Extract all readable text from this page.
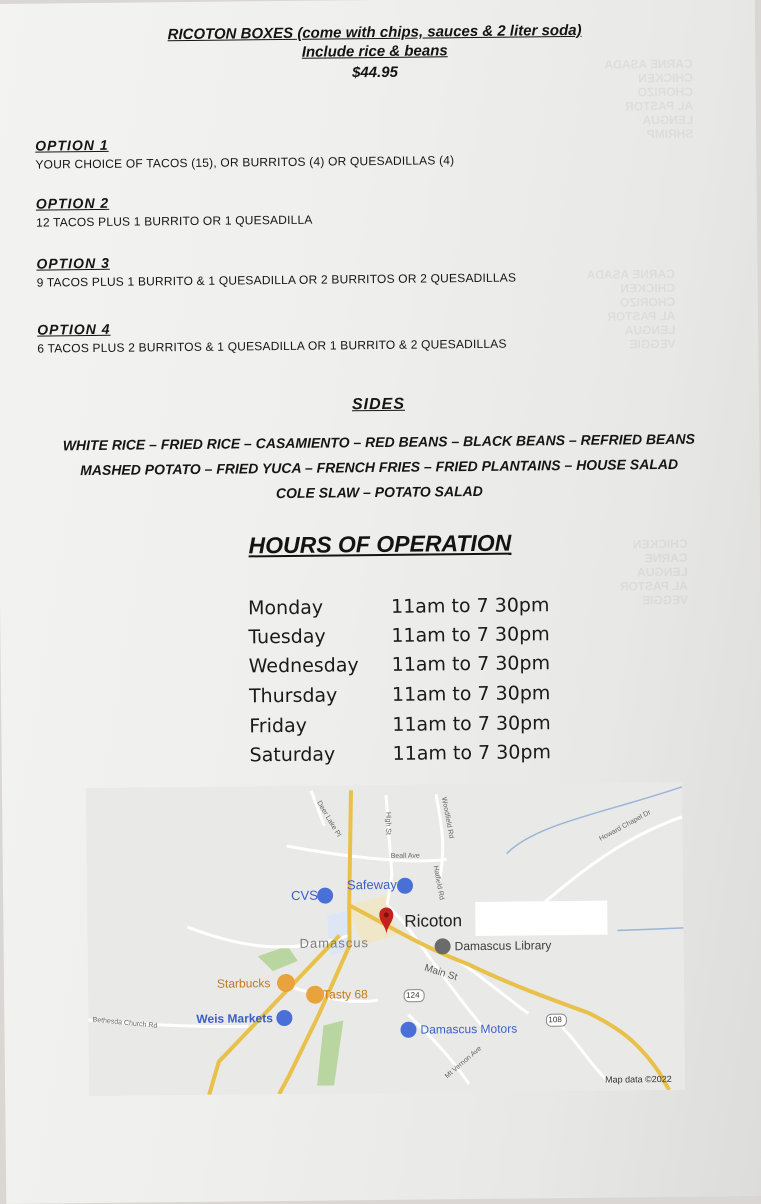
CARNE ASADA
CHICKEN
CHORIZO
AL PASTOR
LENGUA
SHRIMP
CARNE ASADA
CHICKEN
CHORIZO
AL PASTOR
LENGUA
VEGGIE
CHICKEN
CARNE
LENGUA
AL PASTOR
VEGGIE
RICOTON BOXES (come with chips, sauces & 2 liter soda)
Include rice & beans
$44.95
OPTION 1
YOUR CHOICE OF TACOS (15), OR BURRITOS (4) OR QUESADILLAS (4)
OPTION 2
12 TACOS PLUS 1 BURRITO OR 1 QUESADILLA
OPTION 3
9 TACOS PLUS 1 BURRITO & 1 QUESADILLA OR 2 BURRITOS OR 2 QUESADILLAS
OPTION 4
6 TACOS PLUS 2 BURRITOS & 1 QUESADILLA OR 1 BURRITO & 2 QUESADILLAS
SIDES
WHITE RICE – FRIED RICE – CASAMIENTO – RED BEANS – BLACK BEANS – REFRIED BEANS
MASHED POTATO – FRIED YUCA – FRENCH FRIES – FRIED PLANTAINS – HOUSE SALAD
COLE SLAW – POTATO SALAD
HOURS OF OPERATION
Monday	11am to 7 30pm
Tuesday	11am to 7 30pm
Wednesday 11am to 7 30pm
Thursday	11am to 7 30pm
Friday	11am to 7 30pm
Saturday	11am to 7 30pm
Ricoton
CVS
Safeway
Damascus Library
Starbucks
Tasty 68
Weis Markets
Damascus Motors
Damascus
Main St
124
108
Bethesda Church Rd
Howard Chapel Dr
Woodfield Rd
High St
Beall Ave
Mt Vernon Ave
Deer Lake Pl
Hatfield Rd
Map data ©2022
